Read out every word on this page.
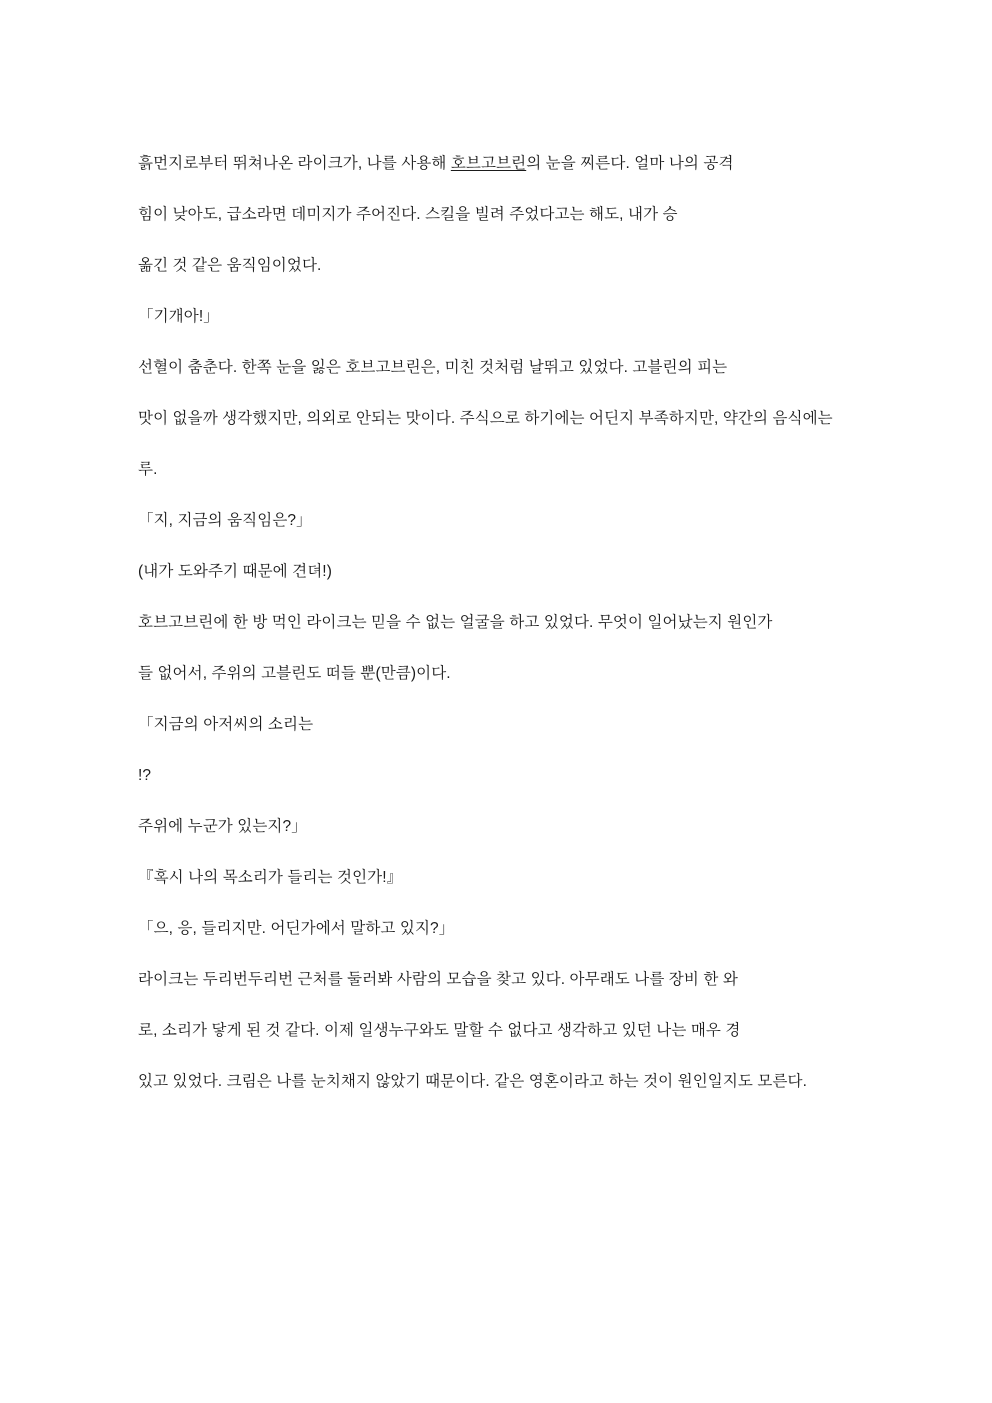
흙먼지로부터 뛰쳐나온 라이크가, 나를 사용해 호브고브린의 눈을 찌른다. 얼마 나의 공격

힘이 낮아도, 급소라면 데미지가 주어진다. 스킬을 빌려 주었다고는 해도, 내가 승

옮긴 것 같은 움직임이었다.

「기개아!」

선혈이 춤춘다. 한쪽 눈을 잃은 호브고브린은, 미친 것처럼 날뛰고 있었다. 고블린의 피는

맛이 없을까 생각했지만, 의외로 안되는 맛이다. 주식으로 하기에는 어딘지 부족하지만, 약간의 음식에는

루.

「지, 지금의 움직임은?」

(내가 도와주기 때문에 견뎌!)

호브고브린에 한 방 먹인 라이크는 믿을 수 없는 얼굴을 하고 있었다. 무엇이 일어났는지 원인가

들 없어서, 주위의 고블린도 떠들 뿐(만큼)이다.

「지금의 아저씨의 소리는

!?

주위에 누군가 있는지?」

『혹시 나의 목소리가 들리는 것인가!』

「으, 응, 들리지만. 어딘가에서 말하고 있지?」

라이크는 두리번두리번 근처를 둘러봐 사람의 모습을 찾고 있다. 아무래도 나를 장비 한 와

로, 소리가 닿게 된 것 같다. 이제 일생누구와도 말할 수 없다고 생각하고 있던 나는 매우 경

있고 있었다. 크림은 나를 눈치채지 않았기 때문이다. 같은 영혼이라고 하는 것이 원인일지도 모른다.
